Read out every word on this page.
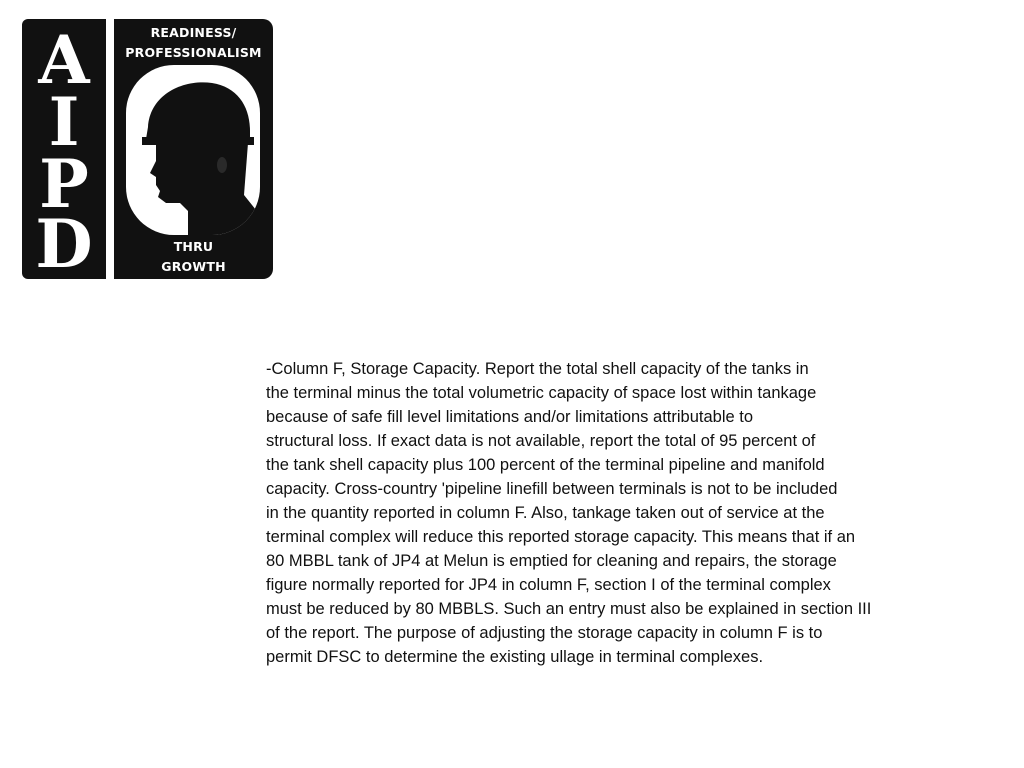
A
I
P
D
READINESS/
PROFESSIONALISM
THRU
GROWTH

-Column F, Storage Capacity. Report the total shell capacity of the tanks in
the terminal minus the total volumetric capacity of space lost within tankage
because of safe fill level limitations and/or limitations attributable to
structural loss. If exact data is not available, report the total of 95 percent of
the tank shell capacity plus 100 percent of the terminal pipeline and manifold
capacity. Cross-country 'pipeline linefill between terminals is not to be included
in the quantity reported in column F. Also, tankage taken out of service at the
terminal complex will reduce this reported storage capacity. This means that if an
80 MBBL tank of JP4 at Melun is emptied for cleaning and repairs, the storage
figure normally reported for JP4 in column F, section I of the terminal complex
must be reduced by 80 MBBLS. Such an entry must also be explained in section III
of the report. The purpose of adjusting the storage capacity in column F is to
permit DFSC to determine the existing ullage in terminal complexes.
